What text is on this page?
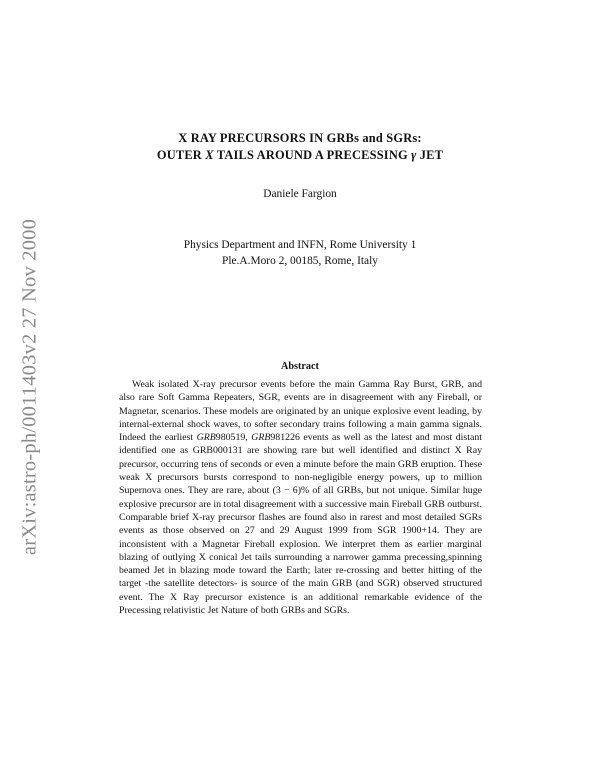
arXiv:astro-ph/0011403v2 27 Nov 2000
X RAY PRECURSORS IN GRBs and SGRs:
OUTER X TAILS AROUND A PRECESSING γ JET
Daniele Fargion
Physics Department and INFN, Rome University 1
Ple.A.Moro 2, 00185, Rome, Italy
Abstract

Weak isolated X-ray precursor events before the main Gamma Ray Burst, GRB, and also rare Soft Gamma Repeaters, SGR, events are in disagreement with any Fireball, or Magnetar, scenarios. These models are originated by an unique explosive event leading, by internal-external shock waves, to softer secondary trains following a main gamma signals. Indeed the earliest GRB980519, GRB981226 events as well as the latest and most distant identified one as GRB000131 are showing rare but well identified and distinct X Ray precursor, occurring tens of seconds or even a minute before the main GRB eruption. These weak X precursors bursts correspond to non-negligible energy powers, up to million Supernova ones. They are rare, about (3 − 6)% of all GRBs, but not unique. Similar huge explosive precursor are in total disagreement with a successive main Fireball GRB outburst. Comparable brief X-ray precursor flashes are found also in rarest and most detailed SGRs events as those observed on 27 and 29 August 1999 from SGR 1900+14. They are inconsistent with a Magnetar Fireball explosion. We interpret them as earlier marginal blazing of outlying X conical Jet tails surrounding a narrower gamma precessing,spinning beamed Jet in blazing mode toward the Earth; later re-crossing and better hitting of the target -the satellite detectors- is source of the main GRB (and SGR) observed structured event. The X Ray precursor existence is an additional remarkable evidence of the Precessing relativistic Jet Nature of both GRBs and SGRs.
